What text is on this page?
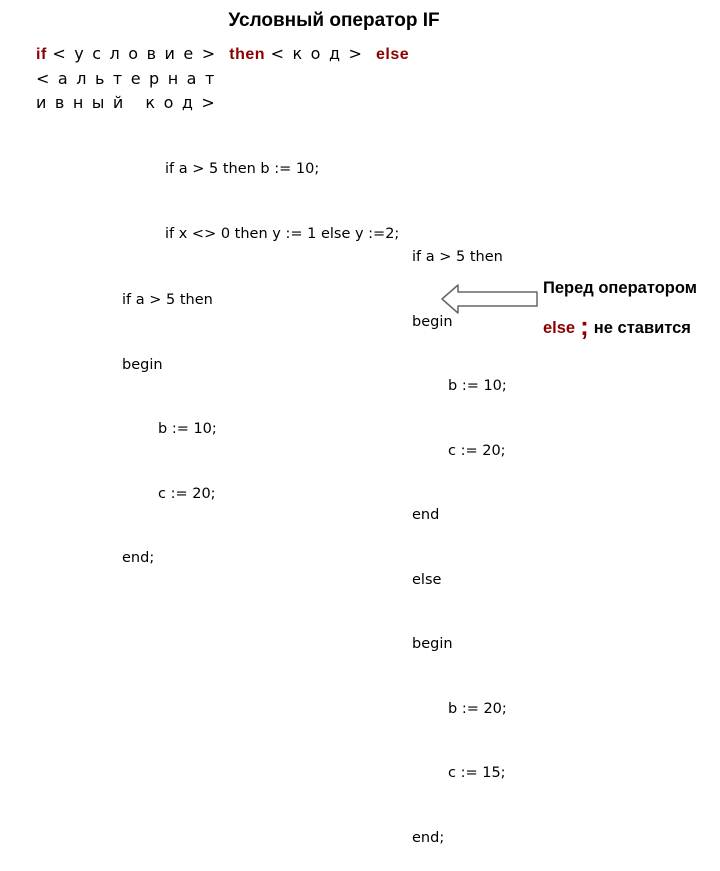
Условный оператор IF
if <условие> then <код> else <альтернат
ивный код>

if a > 5 then b := 10;

if x <> 0 then y := 1 else y :=2;

if a > 5 then

begin

b := 10;

c := 20;

end;

if a > 5 then

begin

b := 10;

c := 20;

end

else

begin

b := 20;

c := 15;

end;

Перед оператором
else ; не ставится
